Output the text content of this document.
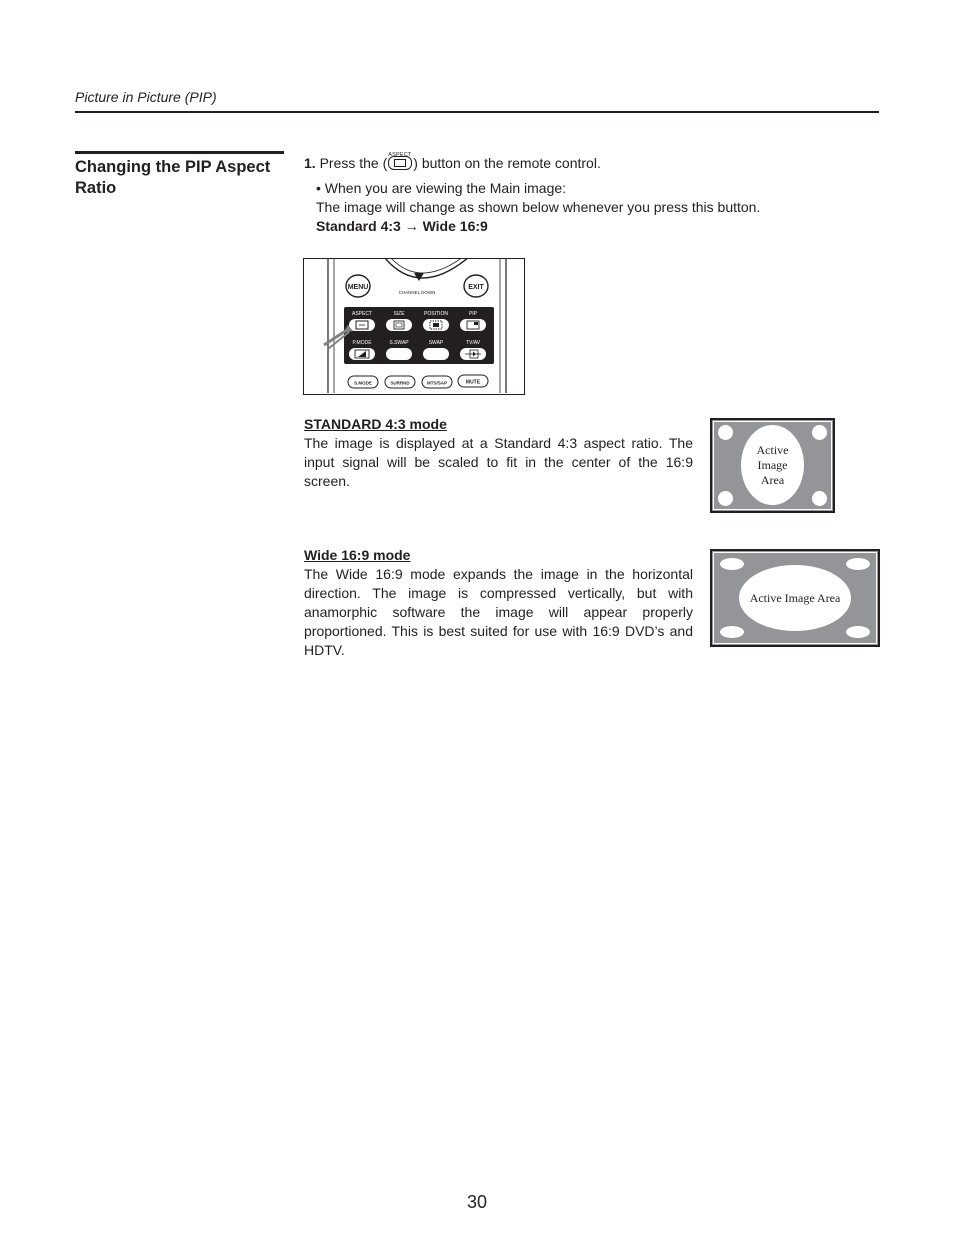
Picture in Picture (PIP)
Changing the PIP Aspect Ratio
1. Press the ( ASPECT ) button on the remote control.
• When you are viewing the Main image:
The image will change as shown below whenever you press this button.
Standard 4:3 → Wide 16:9
MENU	EXIT
CHANNEL DOWN
ASPECT	SIZE	POSITION	PIP
P.MODE	S.SWAP	SWAP	TV/AV
S.MODE	SURRND	MTS/SAP	MUTE
STANDARD 4:3 mode
The image is displayed at a Standard 4:3 aspect ratio. The input signal will be scaled to fit in the center of the 16:9 screen.
Active
Image
Area
Wide 16:9 mode
The Wide 16:9 mode expands the image in the horizontal direction. The image is compressed vertically, but with anamorphic software the image will appear properly proportioned. This is best suited for use with 16:9 DVD’s and HDTV.
Active Image Area
30
